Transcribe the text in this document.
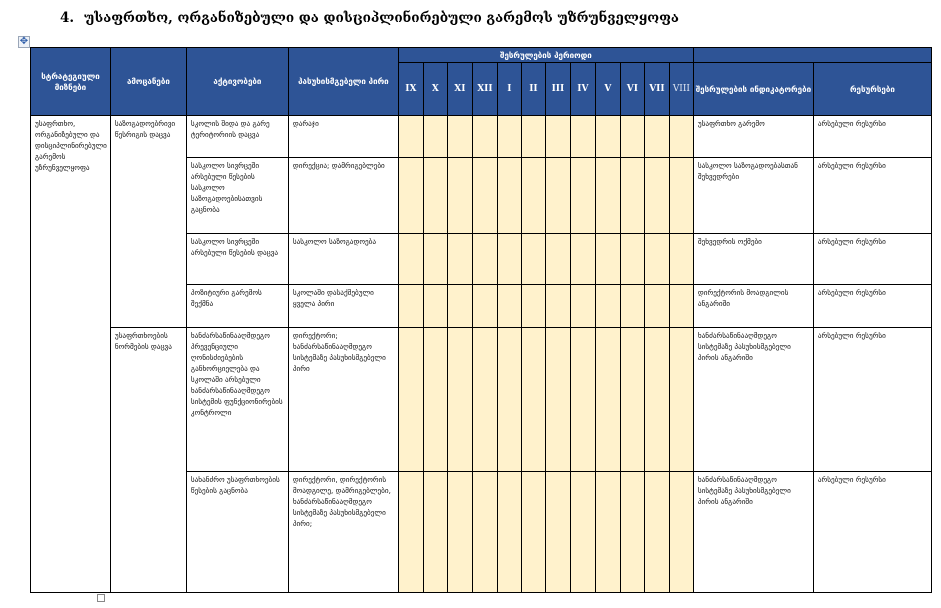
4. უსაფრთხო, ორგანიზებული და დისციპლინირებული გარემოს უზრუნველყოფა
✥
სტრატეგიული მიზნები	ამოცანები	აქტივობები	პასუხისმგებელი პირი	შესრულების პერიოდი													
				IX	X	XI	XII	I	II	III	IV	V	VI	VII	VIII	შესრულების ინდიკატორები	რესურსები
უსაფრთხო, ორგანიზებული და დისციპლინირებული გარემოს უზრუნველყოფა	საზოგადოებრივი წესრიგის დაცვა	სკოლის შიდა და გარე ტერიტორიის დაცვა	დარაჯი													უსაფრთხო გარემო	არსებული რესურსი
		სასკოლო სივრცეში არსებული წესების სასკოლო საზოგადოებისათვის გაცნობა	დირექცია; დამრიგებლები													სასკოლო საზოგადოებასთან შეხვედრები	არსებული რესურსი
		სასკოლო სივრცეში არსებული წესების დაცვა	სასკოლო საზოგადოება													შეხვედრის ოქმები	არსებული რესურსი
		პოზიტიური გარემოს შექმნა	სკოლაში დასაქმებული ყველა პირი													დირექტორის მოადგილის ანგარიში	არსებული რესურსი
	უსაფრთხოების ნორმების დაცვა	ხანძარსაწინააღმდეგო პრევენციული ღონისძიებების განხორციელება და სკოლაში არსებული ხანძარსაწინააღმდეგო სისტემის ფუნქციონირების კონტროლი	დირექტორი; ხანძარსაწინააღმდეგო სისტემაზე პასუხისმგებელი პირი													ხანძარსაწინააღმდეგო სისტემაზე პასუხისმგებელი პირის ანგარიში	არსებული რესურსი
		სახანძრო უსაფრთხოების წესების გაცნობა	დირექტორი, დირექტორის მოადგილე, დამრიგებლები, ხანძარსაწინააღმდეგო სისტემაზე პასუხისმგებელი პირი;													ხანძარსაწინააღმდეგო სისტემაზე პასუხისმგებელი პირის ანგარიში	არსებული რესურსი
